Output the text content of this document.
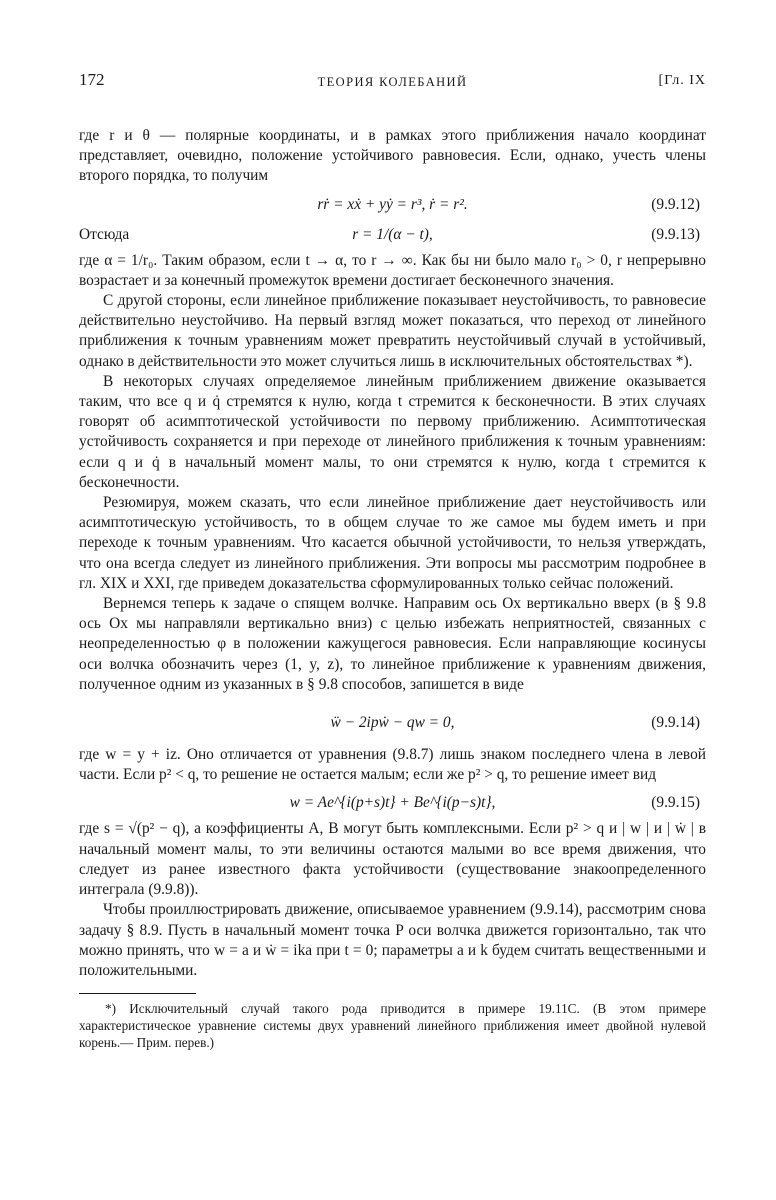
172	ТЕОРИЯ КОЛЕБАНИЙ	[Гл. IX

где r и θ — полярные координаты, и в рамках этого приближения начало координат представляет, очевидно, положение устойчивого равновесия. Если, однако, учесть члены второго порядка, то получим

rṙ = xẋ + yẏ = r³, ṙ = r².	(9.9.12)
Отсюда	r = 1/(α − t),	(9.9.13)

где α = 1/r₀. Таким образом, если t → α, то r → ∞. Как бы ни было мало r₀ > 0, r непрерывно возрастает и за конечный промежуток времени достигает бесконечного значения.

С другой стороны, если линейное приближение показывает неустойчивость, то равновесие действительно неустойчиво. На первый взгляд может показаться, что переход от линейного приближения к точным уравнениям может превратить неустойчивый случай в устойчивый, однако в действительности это может случиться лишь в исключительных обстоятельствах *).

В некоторых случаях определяемое линейным приближением движение оказывается таким, что все q и q̇ стремятся к нулю, когда t стремится к бесконечности. В этих случаях говорят об асимптотической устойчивости по первому приближению. Асимптотическая устойчивость сохраняется и при переходе от линейного приближения к точным уравнениям: если q и q̇ в начальный момент малы, то они стремятся к нулю, когда t стремится к бесконечности.

Резюмируя, можем сказать, что если линейное приближение дает неустойчивость или асимптотическую устойчивость, то в общем случае то же самое мы будем иметь и при переходе к точным уравнениям. Что касается обычной устойчивости, то нельзя утверждать, что она всегда следует из линейного приближения. Эти вопросы мы рассмотрим подробнее в гл. XIX и XXI, где приведем доказательства сформулированных только сейчас положений.

Вернемся теперь к задаче о спящем волчке. Направим ось Ox вертикально вверх (в § 9.8 ось Ox мы направляли вертикально вниз) с целью избежать неприятностей, связанных с неопределенностью φ в положении кажущегося равновесия. Если направляющие косинусы оси волчка обозначить через (1, y, z), то линейное приближение к уравнениям движения, полученное одним из указанных в § 9.8 способов, запишется в виде

ẅ − 2ipẇ − qw = 0,	(9.9.14)

где w = y + iz. Оно отличается от уравнения (9.8.7) лишь знаком последнего члена в левой части. Если p² < q, то решение не остается малым; если же p² > q, то решение имеет вид

w = Ae^{i(p+s)t} + Be^{i(p−s)t},	(9.9.15)

где s = √(p² − q), а коэффициенты A, B могут быть комплексными. Если p² > q и | w | и | ẇ | в начальный момент малы, то эти величины остаются малыми во все время движения, что следует из ранее известного факта устойчивости (существование знакоопределенного интеграла (9.9.8)).

Чтобы проиллюстрировать движение, описываемое уравнением (9.9.14), рассмотрим снова задачу § 8.9. Пусть в начальный момент точка P оси волчка движется горизонтально, так что можно принять, что w = a и ẇ = ika при t = 0; параметры a и k будем считать вещественными и положительными.

*) Исключительный случай такого рода приводится в примере 19.11С. (В этом примере характеристическое уравнение системы двух уравнений линейного приближения имеет двойной нулевой корень.— Прим. перев.)
